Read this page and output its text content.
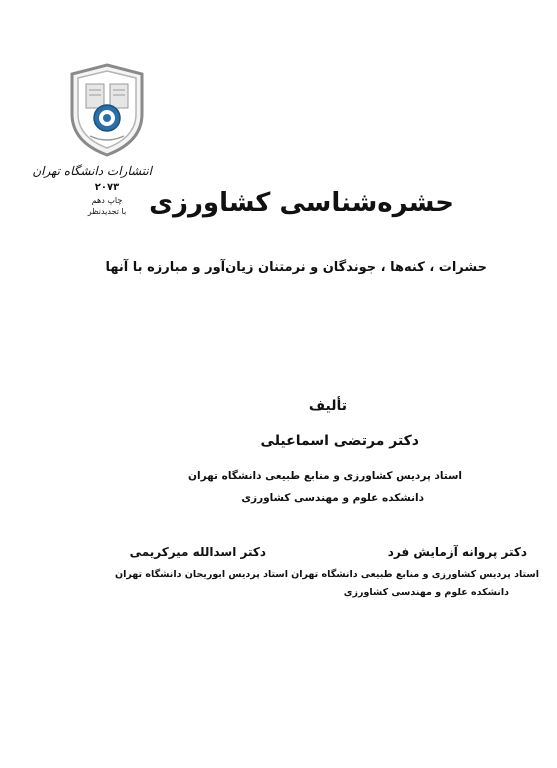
انتشارات دانشگاه تهران
۲۰۷۳
چاپ دهم
با تجدیدنظر حشره‌شناسی کشاورزی

حشرات ، کنه‌ها ، جوندگان و نرمتنان زیان‌آور و مبارزه با آنها

تألیف

دکتر مرتضی اسماعیلی

استاد پردیس کشاورزی و منابع طبیعی دانشگاه تهران

دانشکده علوم و مهندسی کشاورزی

دکتر پروانه آزمایش فرد

استاد پردیس کشاورزی و منابع طبیعی دانشگاه تهران

دانشکده علوم و مهندسی کشاورزی

دکتر اسدالله میرکریمی

استاد پردیس ابوریحان دانشگاه تهران
